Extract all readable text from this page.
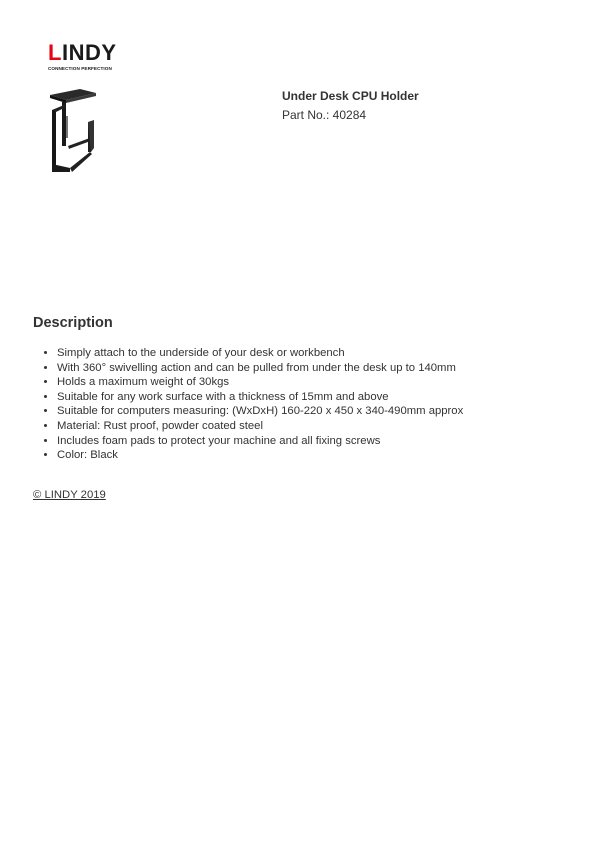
LINDY
CONNECTION PERFECTION
Under Desk CPU Holder
Part No.: 40284
Description
• Simply attach to the underside of your desk or workbench
• With 360° swivelling action and can be pulled from under the desk up to 140mm
• Holds a maximum weight of 30kgs
• Suitable for any work surface with a thickness of 15mm and above
• Suitable for computers measuring: (WxDxH) 160-220 x 450 x 340-490mm approx
• Material: Rust proof, powder coated steel
• Includes foam pads to protect your machine and all fixing screws
• Color: Black
© LINDY 2019
